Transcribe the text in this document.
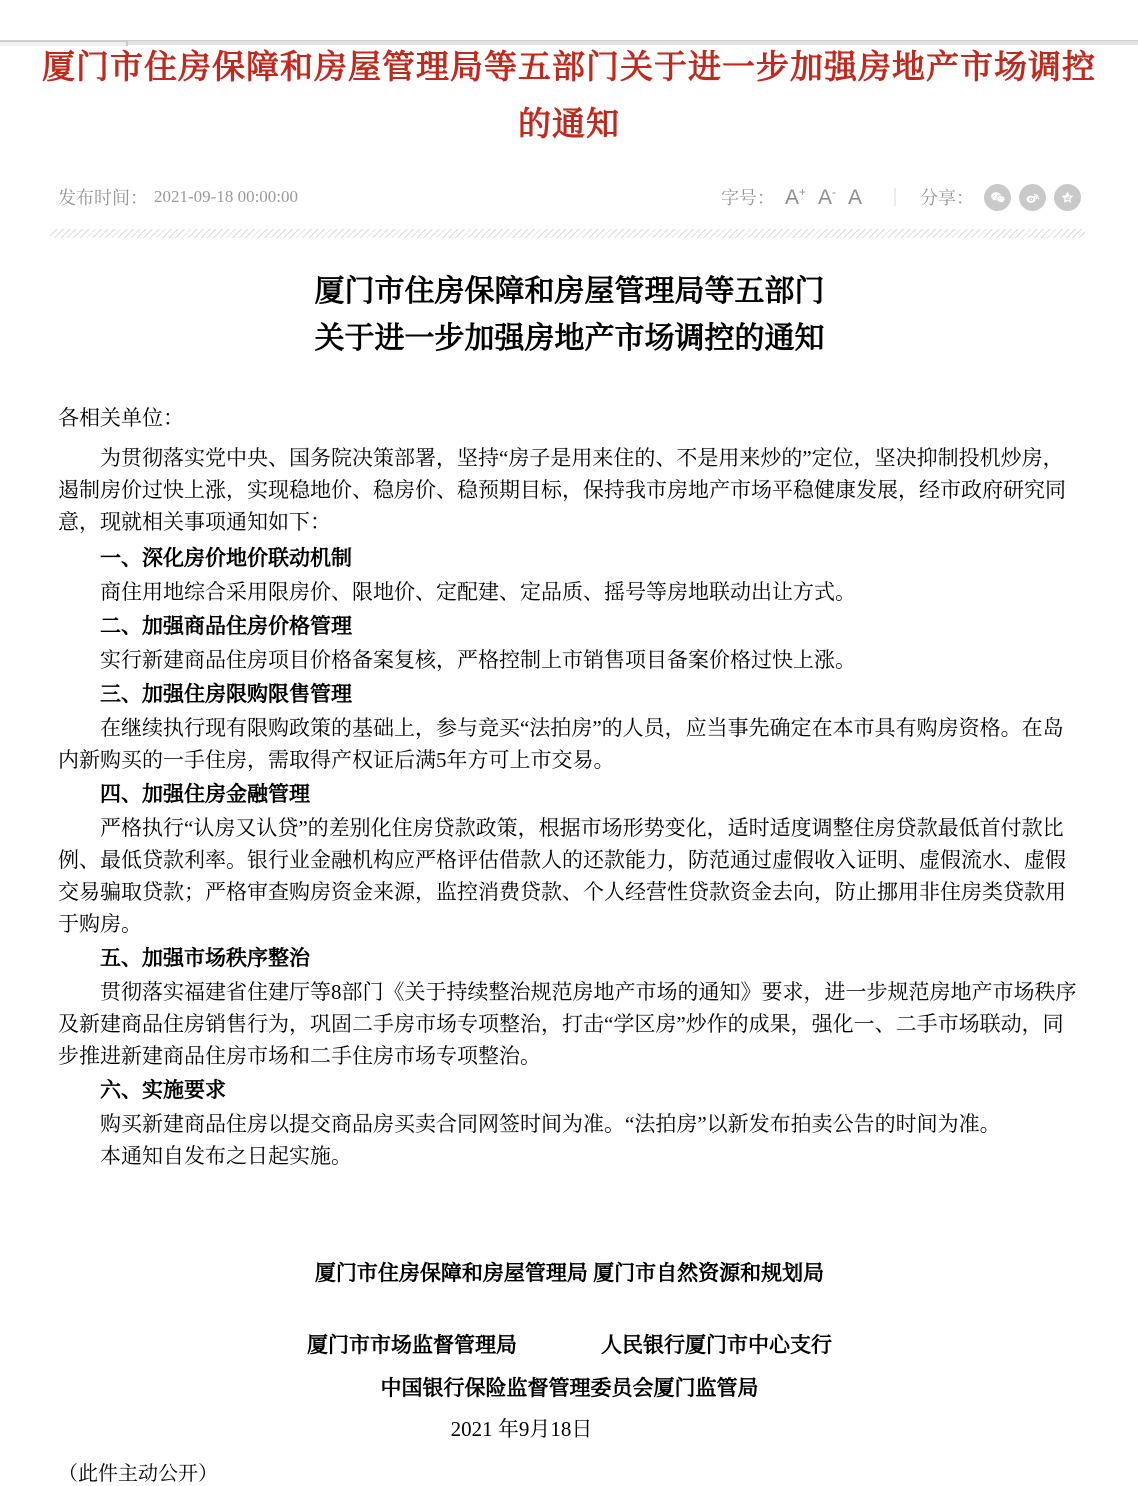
厦门市住房保障和房屋管理局等五部门关于进一步加强房地产市场调控的通知
发布时间： 2021-09-18 00:00:00	字号： A+ A- A ｜ 分享：
厦门市住房保障和房屋管理局等五部门
关于进一步加强房地产市场调控的通知
各相关单位：
为贯彻落实党中央、国务院决策部署，坚持“房子是用来住的、不是用来炒的”定位，坚决抑制投机炒房，遏制房价过快上涨，实现稳地价、稳房价、稳预期目标，保持我市房地产市场平稳健康发展，经市政府研究同意，现就相关事项通知如下：
一、深化房价地价联动机制
商住用地综合采用限房价、限地价、定配建、定品质、摇号等房地联动出让方式。
二、加强商品住房价格管理
实行新建商品住房项目价格备案复核，严格控制上市销售项目备案价格过快上涨。
三、加强住房限购限售管理
在继续执行现有限购政策的基础上，参与竞买“法拍房”的人员，应当事先确定在本市具有购房资格。在岛内新购买的一手住房，需取得产权证后满5年方可上市交易。
四、加强住房金融管理
严格执行“认房又认贷”的差别化住房贷款政策，根据市场形势变化，适时适度调整住房贷款最低首付款比例、最低贷款利率。银行业金融机构应严格评估借款人的还款能力，防范通过虚假收入证明、虚假流水、虚假交易骗取贷款；严格审查购房资金来源，监控消费贷款、个人经营性贷款资金去向，防止挪用非住房类贷款用于购房。
五、加强市场秩序整治
贯彻落实福建省住建厅等8部门《关于持续整治规范房地产市场的通知》要求，进一步规范房地产市场秩序及新建商品住房销售行为，巩固二手房市场专项整治，打击“学区房”炒作的成果，强化一、二手市场联动，同步推进新建商品住房市场和二手住房市场专项整治。
六、实施要求
购买新建商品住房以提交商品房买卖合同网签时间为准。“法拍房”以新发布拍卖公告的时间为准。
本通知自发布之日起实施。
厦门市住房保障和房屋管理局 厦门市自然资源和规划局
厦门市市场监督管理局　　　　人民银行厦门市中心支行
中国银行保险监督管理委员会厦门监管局
2021 年9月18日
（此件主动公开）
